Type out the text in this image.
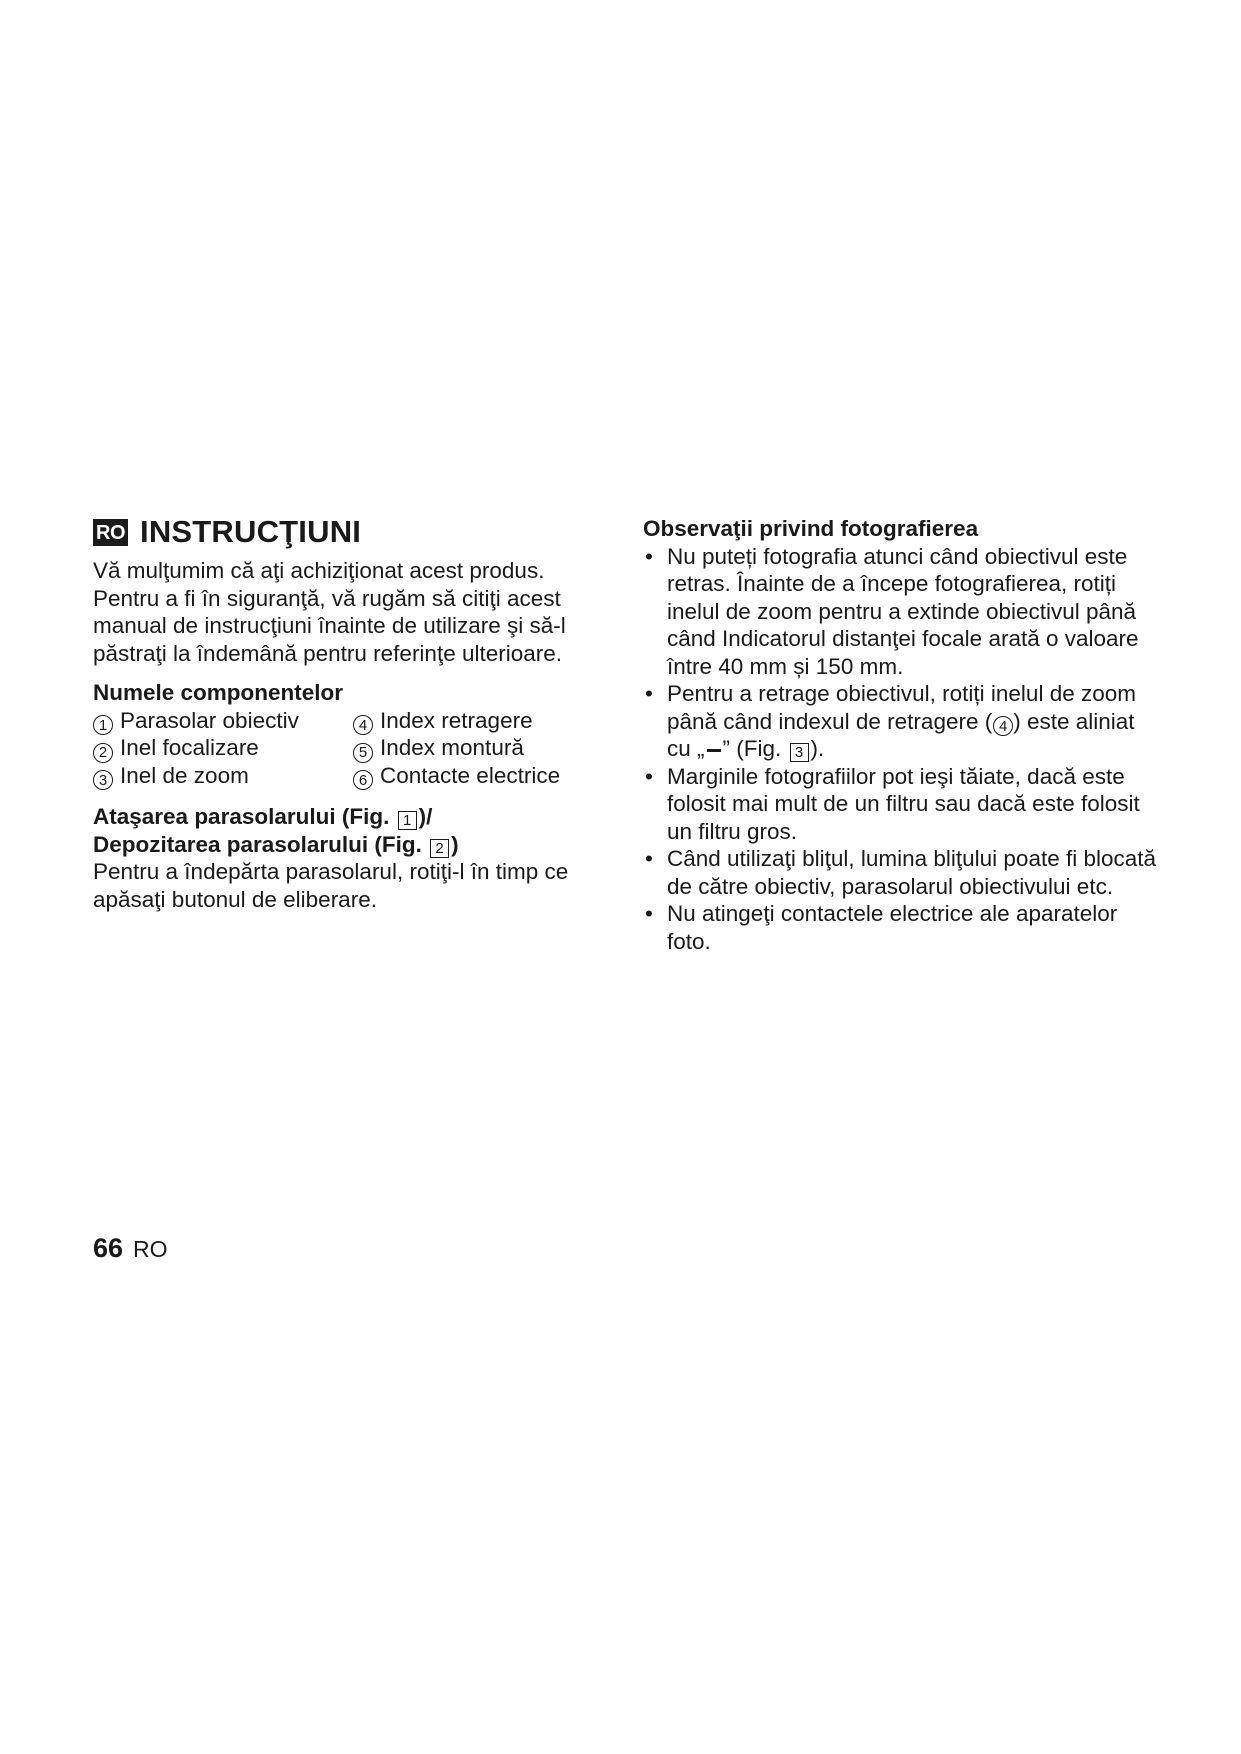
RO INSTRUCŢIUNI

Vă mulţumim că aţi achiziţionat acest produs. Pentru a fi în siguranţă, vă rugăm să citiţi acest manual de instrucţiuni înainte de utilizare şi să-l păstraţi la îndemână pentru referinţe ulterioare.

Numele componentelor

1 Parasolar obiectiv	4 Index retragere
2 Inel focalizare	5 Index montură
3 Inel de zoom	6 Contacte electrice
Ataşarea parasolarului (Fig. 1 )/
Depozitarea parasolarului (Fig. 2 )

Pentru a îndepărta parasolarul, rotiţi-l în timp ce apăsaţi butonul de eliberare.

Observaţii privind fotografierea

• Nu puteți fotografia atunci când obiectivul este retras. Înainte de a începe fotografierea, rotiți inelul de zoom pentru a extinde obiectivul până când Indicatorul distanţei focale arată o valoare între 40 mm și 150 mm.
• Pentru a retrage obiectivul, rotiți inelul de zoom până când indexul de retragere ( 4 ) este aliniat cu „ ” (Fig. 3 ).
• Marginile fotografiilor pot ieşi tăiate, dacă este folosit mai mult de un filtru sau dacă este folosit un filtru gros.
• Când utilizaţi bliţul, lumina bliţului poate fi blocată de către obiectiv, parasolarul obiectivului etc.
• Nu atingeţi contactele electrice ale aparatelor foto.
66 RO
